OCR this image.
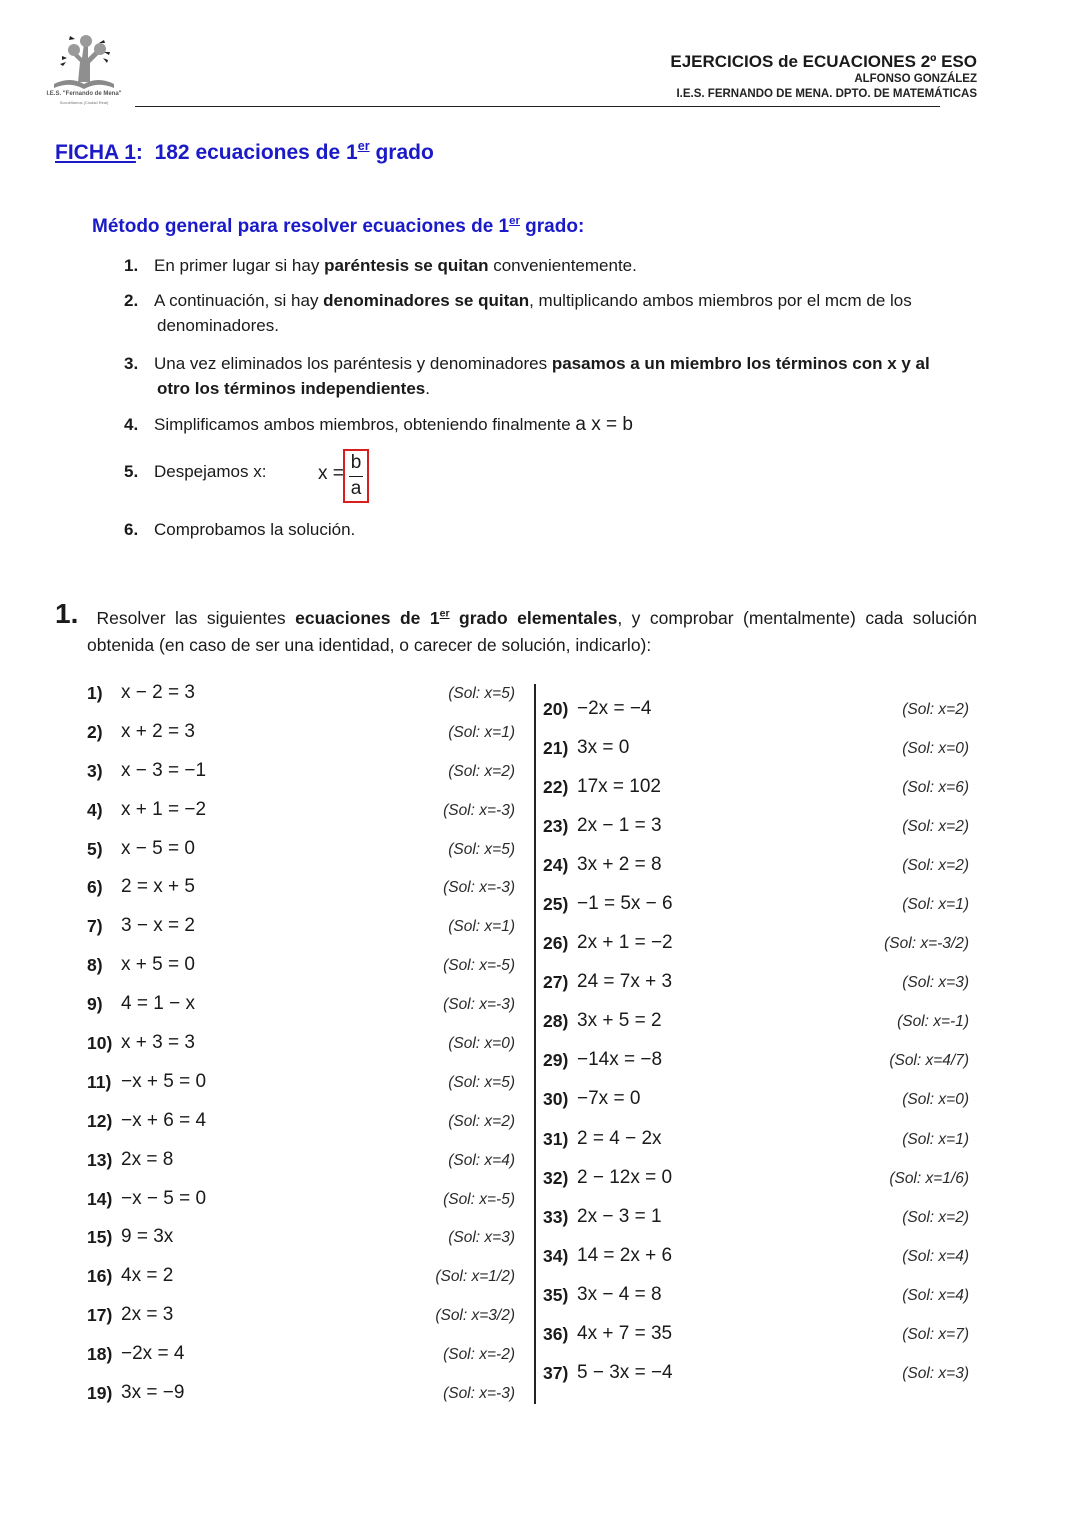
I.E.S. "Fernando de Mena"
Socuéllamos (Ciudad Real)
EJERCICIOS de ECUACIONES 2º ESO
ALFONSO GONZÁLEZ
I.E.S. FERNANDO DE MENA. DPTO. DE MATEMÁTICAS
FICHA 1:  182 ecuaciones de 1er grado
Método general para resolver ecuaciones de 1er grado:
1. En primer lugar si hay paréntesis se quitan convenientemente.
2. A continuación, si hay denominadores se quitan, multiplicando ambos miembros por el mcm de los
denominadores.
3. Una vez eliminados los paréntesis y denominadores pasamos a un miembro los términos con x y al
otro los términos independientes.
4. Simplificamos ambos miembros, obteniendo finalmente a x = b
5. Despejamos x:	x =
b
a
6. Comprobamos la solución.
1. Resolver las siguientes ecuaciones de 1er grado elementales, y comprobar (mentalmente) cada solución obtenida (en caso de ser una identidad, o carecer de solución, indicarlo):
1) x − 2 = 3	(Sol: x=5)
2) x + 2 = 3	(Sol: x=1)
3) x − 3 = −1	(Sol: x=2)
4) x + 1 = −2	(Sol: x=-3)
5) x − 5 = 0	(Sol: x=5)
6) 2 = x + 5	(Sol: x=-3)
7) 3 − x = 2	(Sol: x=1)
8) x + 5 = 0	(Sol: x=-5)
9) 4 = 1 − x	(Sol: x=-3)
10) x + 3 = 3	(Sol: x=0)
11) −x + 5 = 0	(Sol: x=5)
12) −x + 6 = 4	(Sol: x=2)
13) 2x = 8	(Sol: x=4)
14) −x − 5 = 0	(Sol: x=-5)
15) 9 = 3x	(Sol: x=3)
16) 4x = 2	(Sol: x=1/2)
17) 2x = 3	(Sol: x=3/2)
18) −2x = 4	(Sol: x=-2)
19) 3x = −9	(Sol: x=-3)
20) −2x = −4	(Sol: x=2)
21) 3x = 0	(Sol: x=0)
22) 17x = 102	(Sol: x=6)
23) 2x − 1 = 3	(Sol: x=2)
24) 3x + 2 = 8	(Sol: x=2)
25) −1 = 5x − 6	(Sol: x=1)
26) 2x + 1 = −2	(Sol: x=-3/2)
27) 24 = 7x + 3	(Sol: x=3)
28) 3x + 5 = 2	(Sol: x=-1)
29) −14x = −8	(Sol: x=4/7)
30) −7x = 0	(Sol: x=0)
31) 2 = 4 − 2x	(Sol: x=1)
32) 2 − 12x = 0	(Sol: x=1/6)
33) 2x − 3 = 1	(Sol: x=2)
34) 14 = 2x + 6	(Sol: x=4)
35) 3x − 4 = 8	(Sol: x=4)
36) 4x + 7 = 35	(Sol: x=7)
37) 5 − 3x = −4	(Sol: x=3)
